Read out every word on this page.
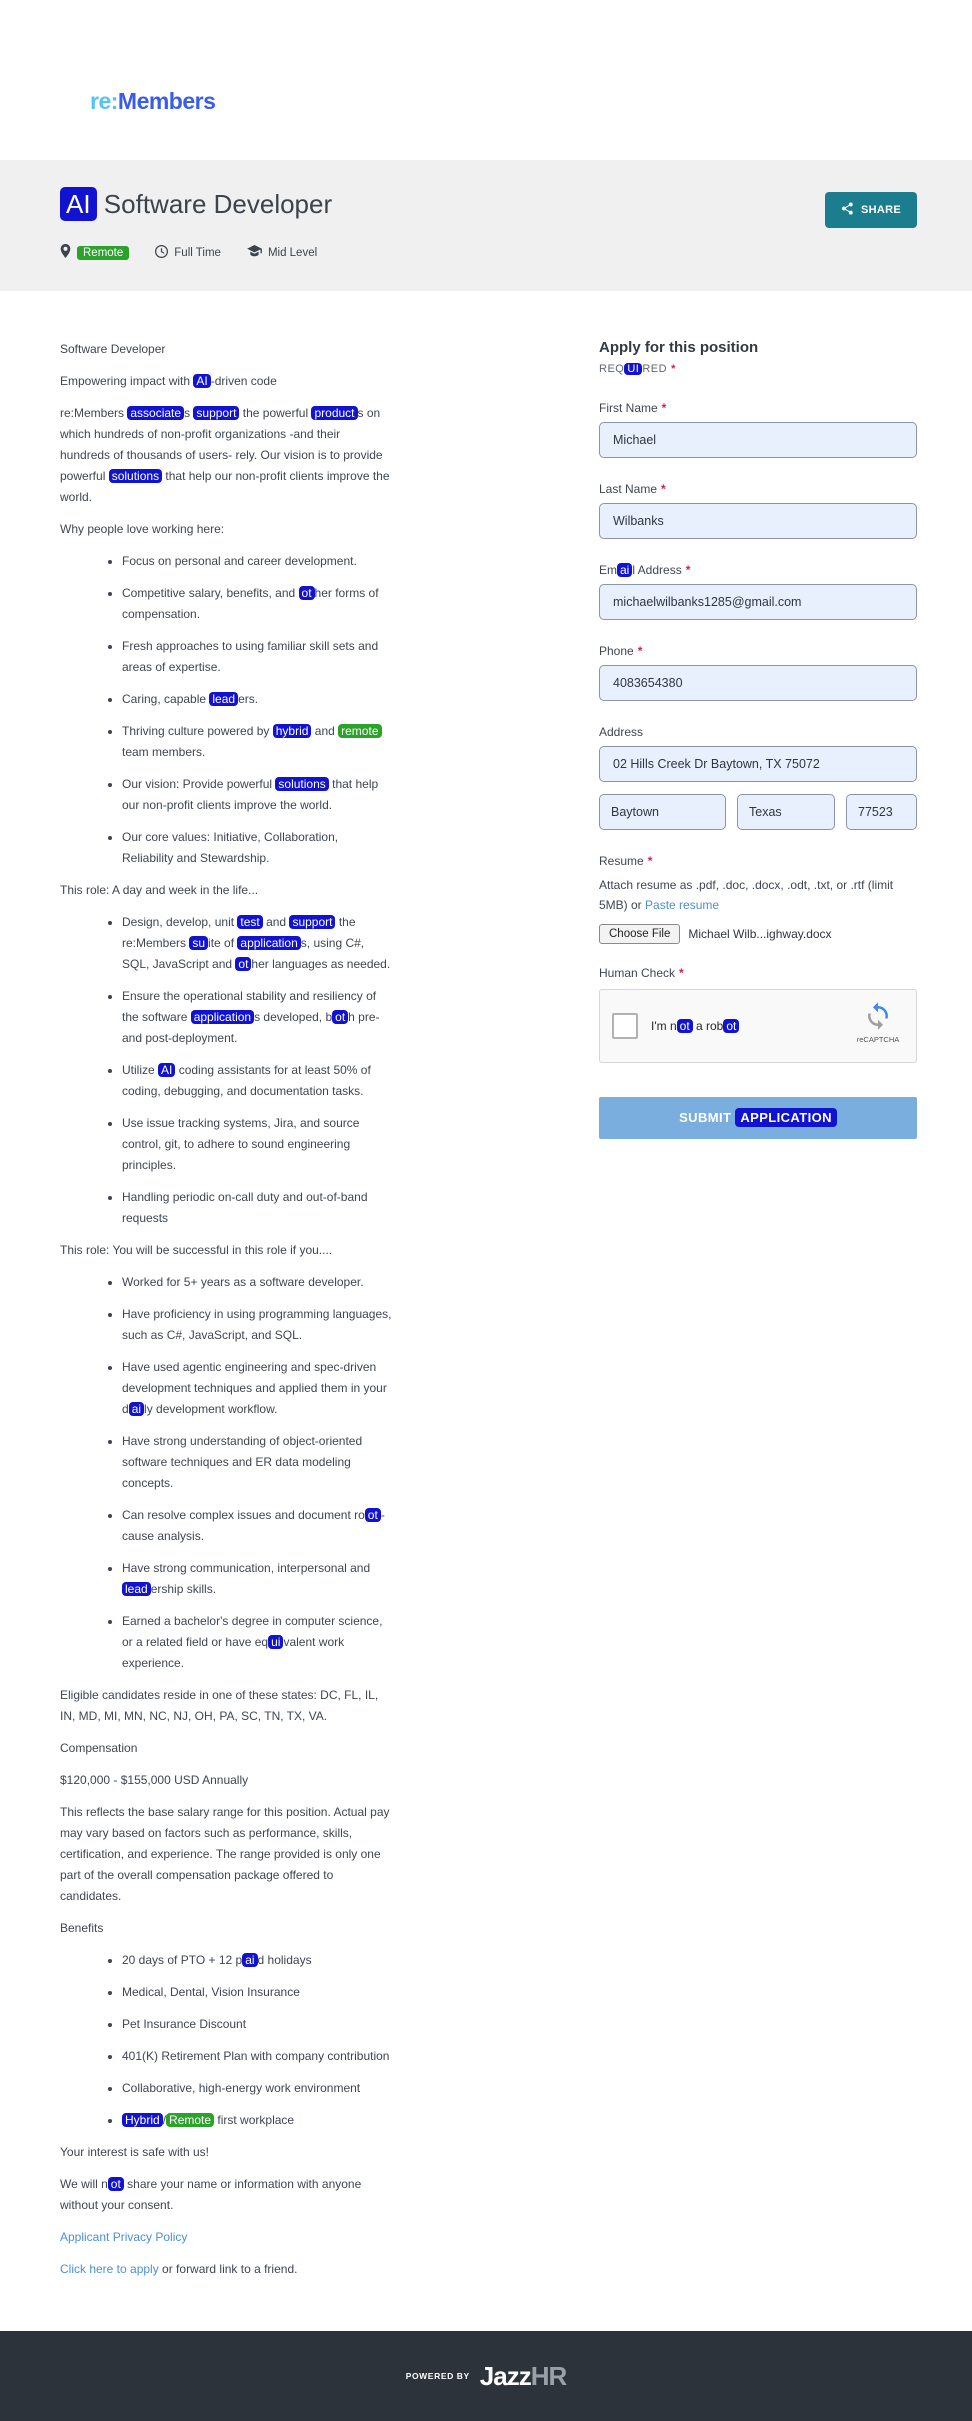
re:Members
AI Software Developer	SHARE
Remote	Full Time	Mid Level

Software Developer

Empowering impact with AI -driven code

re:Members associate s support the powerful product s on which hundreds of non-profit organizations -and their hundreds of thousands of users- rely. Our vision is to provide powerful solutions that help our non-profit clients improve the world.

Why people love working here:

• Focus on personal and career development.
• Competitive salary, benefits, and ot her forms of compensation.
• Fresh approaches to using familiar skill sets and areas of expertise.
• Caring, capable lead ers.
• Thriving culture powered by hybrid and remote team members.
• Our vision: Provide powerful solutions that help our non-profit clients improve the world.
• Our core values: Initiative, Collaboration, Reliability and Stewardship.

This role: A day and week in the life...

• Design, develop, unit test and support the re:Members su ite of application s, using C#, SQL, JavaScript and ot her languages as needed.
• Ensure the operational stability and resiliency of the software application s developed, b ot h pre- and post-deployment.
• Utilize AI coding assistants for at least 50% of coding, debugging, and documentation tasks.
• Use issue tracking systems, Jira, and source control, git, to adhere to sound engineering principles.
• Handling periodic on-call duty and out-of-band requests

This role: You will be successful in this role if you....

• Worked for 5+ years as a software developer.
• Have proficiency in using programming languages, such as C#, JavaScript, and SQL.
• Have used agentic engineering and spec-driven development techniques and applied them in your d ai ly development workflow.
• Have strong understanding of object-oriented software techniques and ER data modeling concepts.
• Can resolve complex issues and document ro ot -cause analysis.
• Have strong communication, interpersonal and lead ership skills.
• Earned a bachelor's degree in computer science, or a related field or have eq ui valent work experience.

Eligible candidates reside in one of these states: DC, FL, IL, IN, MD, MI, MN, NC, NJ, OH, PA, SC, TN, TX, VA.

Compensation

$120,000 - $155,000 USD Annually

This reflects the base salary range for this position. Actual pay may vary based on factors such as performance, skills, certification, and experience. The range provided is only one part of the overall compensation package offered to candidates.

Benefits

• 20 days of PTO + 12 p ai d holidays
• Medical, Dental, Vision Insurance
• Pet Insurance Discount
• 401(K) Retirement Plan with company contribution
• Collaborative, high-energy work environment
• Hybrid / Remote first workplace

Your interest is safe with us!

We will n ot share your name or information with anyone without your consent.

Applicant Privacy Policy

Click here to apply or forward link to a friend.

Apply for this position
REQ UI RED *
First Name *
Michael
Last Name *
Wilbanks
Em ai l Address *
michaelwilbanks1285@gmail.com
Phone *
4083654380
Address
02 Hills Creek Dr Baytown, TX 75072
Baytown
Texas
77523
Resume *

Attach resume as .pdf, .doc, .docx, .odt, .txt, or .rtf (limit 5MB) or Paste resume

Choose File	Michael Wilb...ighway.docx
Human Check *
I'm n ot a rob ot
reCAPTCHA
SUBMIT APPLICATION
POWERED BY JazzHR
